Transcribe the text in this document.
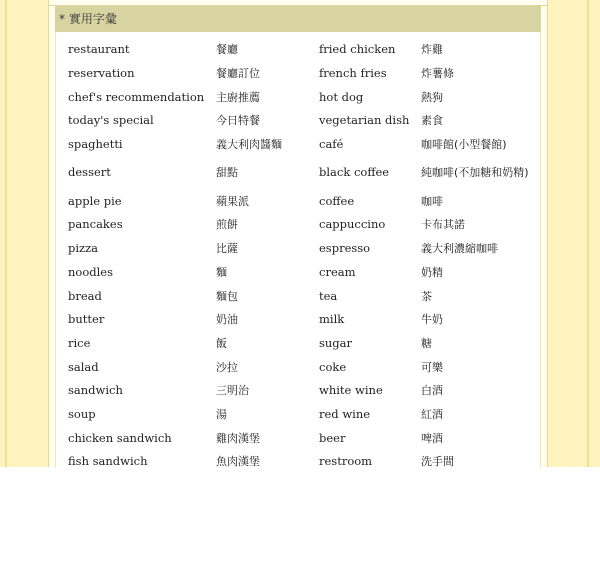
* 實用字彙
restaurant	餐廳	fried chicken	炸雞
reservation	餐廳訂位	french fries	炸薯條
chef's recommendation	主廚推薦	hot dog	熱狗
today's special	今日特餐	vegetarian dish	素食
spaghetti	義大利肉醬麵	café	咖啡館(小型餐館)
dessert	甜點	black coffee	純咖啡(不加糖和奶精)
apple pie	蘋果派	coffee	咖啡
pancakes	煎餅	cappuccino	卡布其諾
pizza	比薩	espresso	義大利濃縮咖啡
noodles	麵	cream	奶精
bread	麵包	tea	茶
butter	奶油	milk	牛奶
rice	飯	sugar	糖
salad	沙拉	coke	可樂
sandwich	三明治	white wine	白酒
soup	湯	red wine	紅酒
chicken sandwich	雞肉漢堡	beer	啤酒
fish sandwich	魚肉漢堡	restroom	洗手間
